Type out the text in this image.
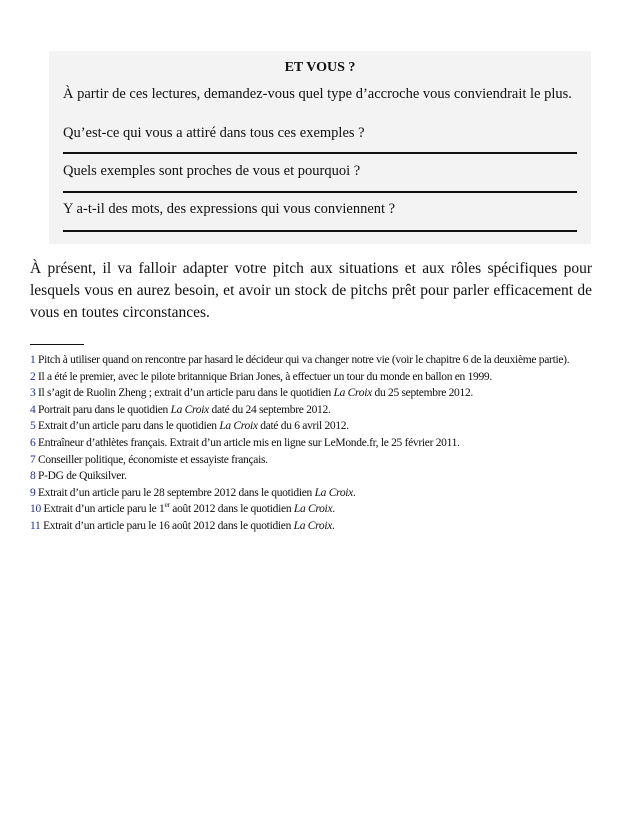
ET VOUS ?
À partir de ces lectures, demandez-vous quel type d’accroche vous conviendrait le plus.
Qu’est-ce qui vous a attiré dans tous ces exemples ?
Quels exemples sont proches de vous et pourquoi ?
Y a-t-il des mots, des expressions qui vous conviennent ?
À présent, il va falloir adapter votre pitch aux situations et aux rôles spécifiques pour lesquels vous en aurez besoin, et avoir un stock de pitchs prêt pour parler efficacement de vous en toutes circonstances.

1 Pitch à utiliser quand on rencontre par hasard le décideur qui va changer notre vie (voir le chapitre 6 de la deuxième partie).

2 Il a été le premier, avec le pilote britannique Brian Jones, à effectuer un tour du monde en ballon en 1999.

3 Il s’agit de Ruolin Zheng ; extrait d’un article paru dans le quotidien La Croix du 25 septembre 2012.

4 Portrait paru dans le quotidien La Croix daté du 24 septembre 2012.

5 Extrait d’un article paru dans le quotidien La Croix daté du 6 avril 2012.

6 Entraîneur d’athlètes français. Extrait d’un article mis en ligne sur LeMonde.fr, le 25 février 2011.

7 Conseiller politique, économiste et essayiste français.

8 P-DG de Quiksilver.

9 Extrait d’un article paru le 28 septembre 2012 dans le quotidien La Croix.

10 Extrait d’un article paru le 1er août 2012 dans le quotidien La Croix.

11 Extrait d’un article paru le 16 août 2012 dans le quotidien La Croix.
